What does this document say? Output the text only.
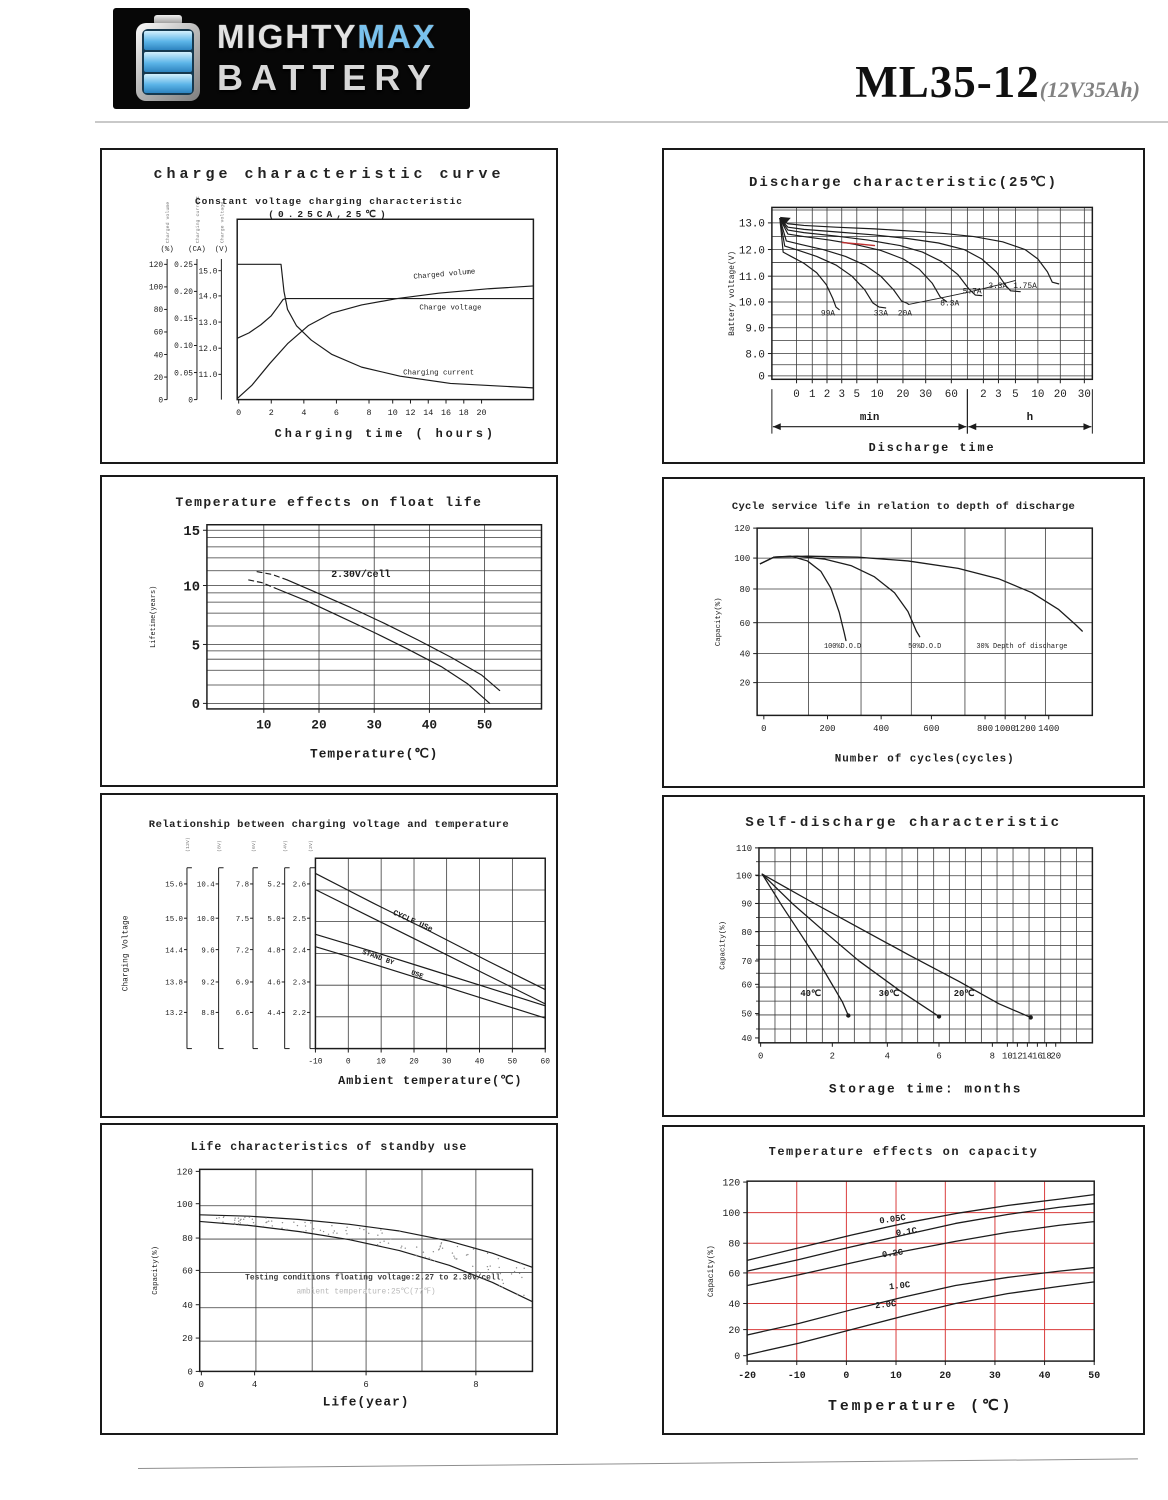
MIGHTYMAX
BATTERY	ML35-12(12V35Ah)
0	2	4	6	8 10 12 14 16 18 20
0
20
40
60
80
100
120
(%)
Charged volume
0
0.05
0.10
0.15
0.20
0.25
(CA)
Charging current
11.0
12.0
13.0
14.0
15.0
(V)
Charge voltage
Charged volume
Charge voltage
Charging current
Charging time ( hours)
charge characteristic curve
Constant voltage charging characteristic
(0.25CA,25℃)
0
8.0
9.0
10.0
11.0
12.0
13.0
0 1 2 3 5 10 20 30 60 2 3 5 10 20 30
99A	33A 20A
8.3A
5.7A
3.3A 1.75A
min	h
Discharge time
Battery voltage(V)
Discharge characteristic(25℃)
0
5
10
15
10	20	30	40	50
2.30V/cell
Temperature(℃)
Lifetime(years)
Temperature effects on float life
20
40
60
80
100
120
0	200	400	600	800 1000
1200 1400
100%D.O.D	50%D.O.D	30% Depth of discharge
Number of cycles(cycles)
Capacity(%)
Cycle service life in relation to depth of discharge
-10	0	10	20	30	40	50	60
15.6
15.0
14.4
13.8
13.2
(12V)
10.4
10.0
9.6
9.2
8.8
(8V)
7.8
7.5
7.2
6.9
6.6
(6V)
5.2
5.0
4.8
4.6
4.4
(4V)
2.6
2.5
2.4
2.3
2.2
(2V)
CYCLE USe
STAND BY
USE
Ambient temperature(℃)
Charging Voltage
Relationship between charging voltage and temperature
40
50
60
70
80
90
100
110
0	2	4	6	8 10 12 14 16
18
20
40℃	30℃	20℃
Storage time: months
Capacity(%)
Self-discharge characteristic
0
20
40
60
80
100
120
0	4	6	8
Testing conditions floating voltage:2.27 to 2.30V/cell
ambient temperature:25℃(77℉)
Life(year)
Capacity(%)
Life characteristics of standby use
0
20
40
60
80
100
120
-20	-10	0	10	20	30	40	50
0.05C
0.1C
0.2C
1.0C
2.0C
Temperature (℃)
Capacity(%)
Temperature effects on capacity
